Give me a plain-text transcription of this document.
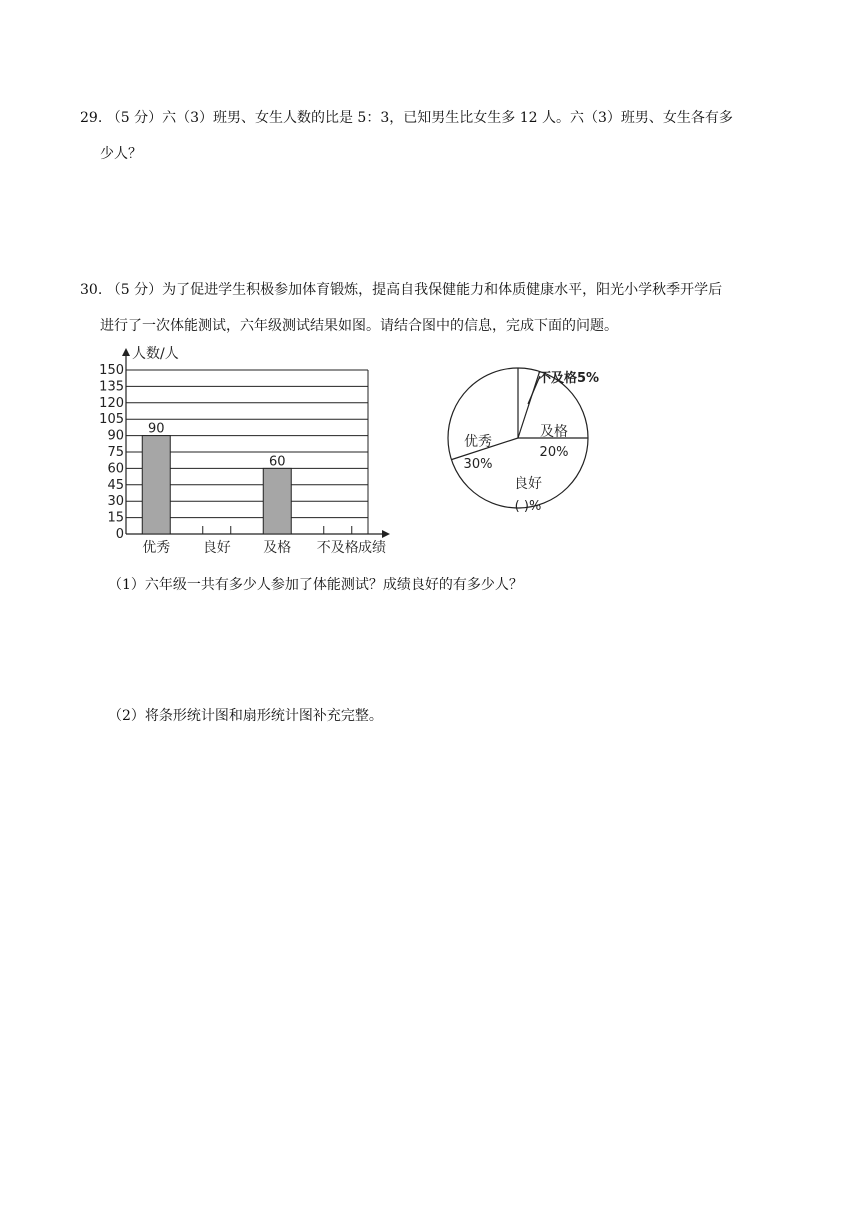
29. （5 分）六（3）班男、女生人数的比是 5：3，已知男生比女生多 12 人。六（3）班男、女生各有多
少人？
30. （5 分）为了促进学生积极参加体育锻炼，提高自我保健能力和体质健康水平，阳光小学秋季开学后
进行了一次体能测试，六年级测试结果如图。请结合图中的信息，完成下面的问题。
0
15
30
45
60
75
90
105
120
135
150
人数/人
90
优秀 良好
60
及格 不及格 成绩
不及格5%
及格
20%
良好
( )%
优秀
30%
（1）六年级一共有多少人参加了体能测试？成绩良好的有多少人？
（2）将条形统计图和扇形统计图补充完整。
